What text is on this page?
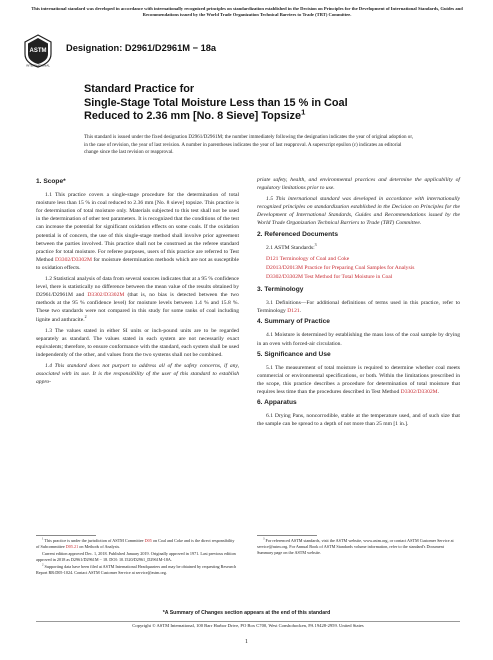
This international standard was developed in accordance with internationally recognized principles on standardization established in the Decision on Principles for the Development of International Standards, Guides and Recommendations issued by the World Trade Organization Technical Barriers to Trade (TBT) Committee.
ASTM
INTERNATIONAL
Designation: D2961/D2961M − 18a
Standard Practice for
Single-Stage Total Moisture Less than 15 % in Coal
Reduced to 2.36 mm [No. 8 Sieve] Topsize$^1$
This standard is issued under the fixed designation D2961/D2961M; the number immediately following the designation indicates the year of original adoption or, in the case of revision, the year of last revision. A number in parentheses indicates the year of last reapproval. A superscript epsilon (ε) indicates an editorial change since the last revision or reapproval.
1. Scope*

1.1 This practice covers a single-stage procedure for the determination of total moisture less than 15 % in coal reduced to 2.36 mm [No. 8 sieve] topsize. This practice is for determination of total moisture only. Materials subjected to this test shall not be used in the determination of other test parameters. It is recognized that the conditions of the test can increase the potential for significant oxidation effects on some coals. If the oxidation potential is of concern, the use of this single-stage method shall involve prior agreement between the parties involved. This practice shall not be construed as the referee standard practice for total moisture. For referee purposes, users of this practice are referred to Test Method D3302/D3302M for moisture determination methods which are not as susceptible to oxidation effects.

1.2 Statistical analysis of data from several sources indicates that at a 95 % confidence level, there is statistically no difference between the mean value of the results obtained by D2961/D2961M and D3302/D3302M (that is, no bias is detected between the two methods at the 95 % confidence level) for moisture levels between 1.4 % and 15.8 %. These two standards were not compared in this study for some ranks of coal including lignite and anthracite.$^2$

1.3 The values stated in either SI units or inch-pound units are to be regarded separately as standard. The values stated in each system are not necessarily exact equivalents; therefore, to ensure conformance with the standard, each system shall be used independently of the other, and values from the two systems shall not be combined.

1.4 This standard does not purport to address all of the safety concerns, if any, associated with its use. It is the responsibility of the user of this standard to establish appro-

priate safety, health, and environmental practices and determine the applicability of regulatory limitations prior to use.

1.5 This international standard was developed in accordance with internationally recognized principles on standardization established in the Decision on Principles for the Development of International Standards, Guides and Recommendations issued by the World Trade Organization Technical Barriers to Trade (TBT) Committee.

2. Referenced Documents

2.1 ASTM Standards:$^3$

D121 Terminology of Coal and Coke
D2013/D2013M Practice for Preparing Coal Samples for Analysis
D3302/D3302M Test Method for Total Moisture in Coal
3. Terminology

3.1 Definitions—For additional definitions of terms used in this practice, refer to Terminology D121.

4. Summary of Practice

4.1 Moisture is determined by establishing the mass loss of the coal sample by drying in an oven with forced-air circulation.

5. Significance and Use

5.1 The measurement of total moisture is required to determine whether coal meets commercial or environmental specifications, or both. Within the limitations prescribed in the scope, this practice describes a procedure for determination of total moisture that requires less time than the procedures described in Test Method D3302/D3302M.

6. Apparatus

6.1 Drying Pans, noncorrodible, stable at the temperature used, and of such size that the sample can be spread to a depth of not more than 25 mm [1 in.].

$^1$ This practice is under the jurisdiction of ASTM Committee D05 on Coal and Coke and is the direct responsibility of Subcommittee D05.21 on Methods of Analysis.
Current edition approved Dec. 1, 2018. Published January 2019. Originally approved in 1971. Last previous edition approved in 2018 as D2961/D2961M − 18. DOI: 10.1520/D2961_D2961M-18A.
$^2$ Supporting data have been filed at ASTM International Headquarters and may be obtained by requesting Research Report RR:D05-1024. Contact ASTM Customer Service at service@astm.org.
$^3$ For referenced ASTM standards, visit the ASTM website, www.astm.org, or contact ASTM Customer Service at service@astm.org. For Annual Book of ASTM Standards volume information, refer to the standard's Document Summary page on the ASTM website.
*A Summary of Changes section appears at the end of this standard
Copyright © ASTM International, 100 Barr Harbor Drive, PO Box C700, West Conshohocken, PA 19428-2959. United States
1
